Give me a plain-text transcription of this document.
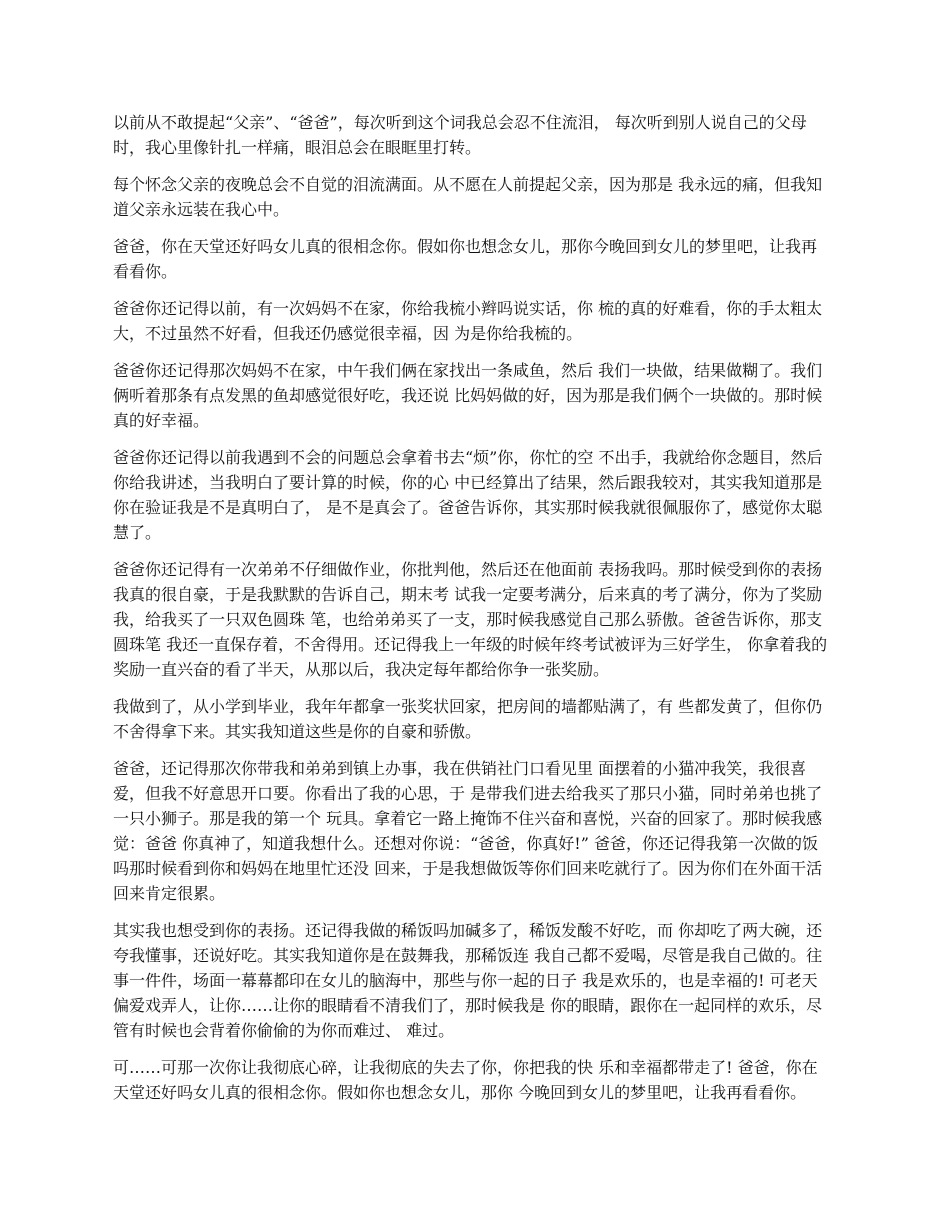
以前从不敢提起“父亲”、“爸爸”，每次听到这个词我总会忍不住流泪， 每次听到别人说自己的父母时，我心里像针扎一样痛，眼泪总会在眼眶里打转。

每个怀念父亲的夜晚总会不自觉的泪流满面。从不愿在人前提起父亲，因为那是 我永远的痛，但我知道父亲永远装在我心中。

爸爸，你在天堂还好吗女儿真的很相念你。假如你也想念女儿，那你今晚回到女儿的梦里吧，让我再看看你。

爸爸你还记得以前，有一次妈妈不在家，你给我梳小辫吗说实话，你 梳的真的好难看，你的手太粗太大，不过虽然不好看，但我还仍感觉很幸福，因 为是你给我梳的。

爸爸你还记得那次妈妈不在家，中午我们俩在家找出一条咸鱼，然后 我们一块做，结果做糊了。我们俩听着那条有点发黑的鱼却感觉很好吃，我还说 比妈妈做的好，因为那是我们俩个一块做的。那时候真的好幸福。

爸爸你还记得以前我遇到不会的问题总会拿着书去“烦”你，你忙的空 不出手，我就给你念题目，然后你给我讲述，当我明白了要计算的时候，你的心 中已经算出了结果，然后跟我较对，其实我知道那是你在验证我是不是真明白了， 是不是真会了。爸爸告诉你，其实那时候我就很佩服你了，感觉你太聪慧了。

爸爸你还记得有一次弟弟不仔细做作业，你批判他，然后还在他面前 表扬我吗。那时候受到你的表扬我真的很自豪，于是我默默的告诉自己，期末考 试我一定要考满分，后来真的考了满分，你为了奖励我，给我买了一只双色圆珠 笔，也给弟弟买了一支，那时候我感觉自己那么骄傲。爸爸告诉你，那支圆珠笔 我还一直保存着，不舍得用。还记得我上一年级的时候年终考试被评为三好学生， 你拿着我的奖励一直兴奋的看了半天，从那以后，我决定每年都给你争一张奖励。

我做到了，从小学到毕业，我年年都拿一张奖状回家，把房间的墙都贴满了，有 些都发黄了，但你仍不舍得拿下来。其实我知道这些是你的自豪和骄傲。

爸爸，还记得那次你带我和弟弟到镇上办事，我在供销社门口看见里 面摆着的小猫冲我笑，我很喜爱，但我不好意思开口要。你看出了我的心思，于 是带我们进去给我买了那只小猫，同时弟弟也挑了一只小狮子。那是我的第一个 玩具。拿着它一路上掩饰不住兴奋和喜悦，兴奋的回家了。那时候我感觉：爸爸 你真神了，知道我想什么。还想对你说：“爸爸，你真好!” 爸爸，你还记得我第一次做的饭吗那时候看到你和妈妈在地里忙还没 回来，于是我想做饭等你们回来吃就行了。因为你们在外面干活回来肯定很累。

其实我也想受到你的表扬。还记得我做的稀饭吗加碱多了，稀饭发酸不好吃，而 你却吃了两大碗，还夸我懂事，还说好吃。其实我知道你是在鼓舞我，那稀饭连 我自己都不爱喝，尽管是我自己做的。往事一件件，场面一幕幕都印在女儿的脑海中，那些与你一起的日子 我是欢乐的，也是幸福的! 可老天偏爱戏弄人，让你……让你的眼睛看不清我们了，那时候我是 你的眼睛，跟你在一起同样的欢乐，尽管有时候也会背着你偷偷的为你而难过、 难过。

可……可那一次你让我彻底心碎，让我彻底的失去了你，你把我的快 乐和幸福都带走了! 爸爸，你在天堂还好吗女儿真的很相念你。假如你也想念女儿，那你 今晚回到女儿的梦里吧，让我再看看你。
